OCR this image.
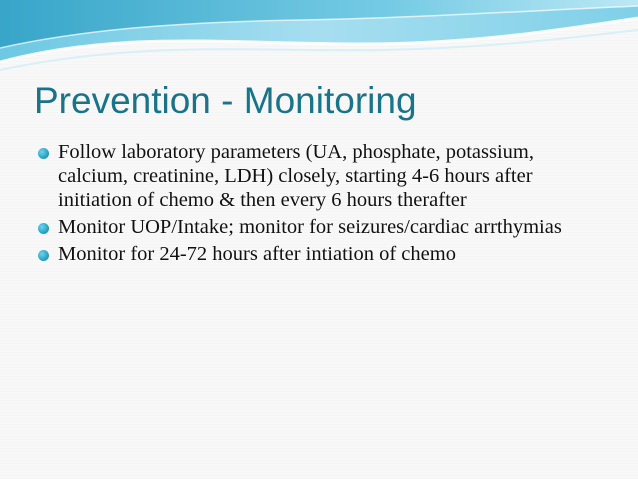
Prevention - Monitoring
Follow laboratory parameters (UA, phosphate, potassium, calcium, creatinine, LDH) closely, starting 4-6 hours after initiation of chemo & then every 6 hours therafter
Monitor UOP/Intake; monitor for seizures/cardiac arrthymias
Monitor for 24-72 hours after intiation of chemo
